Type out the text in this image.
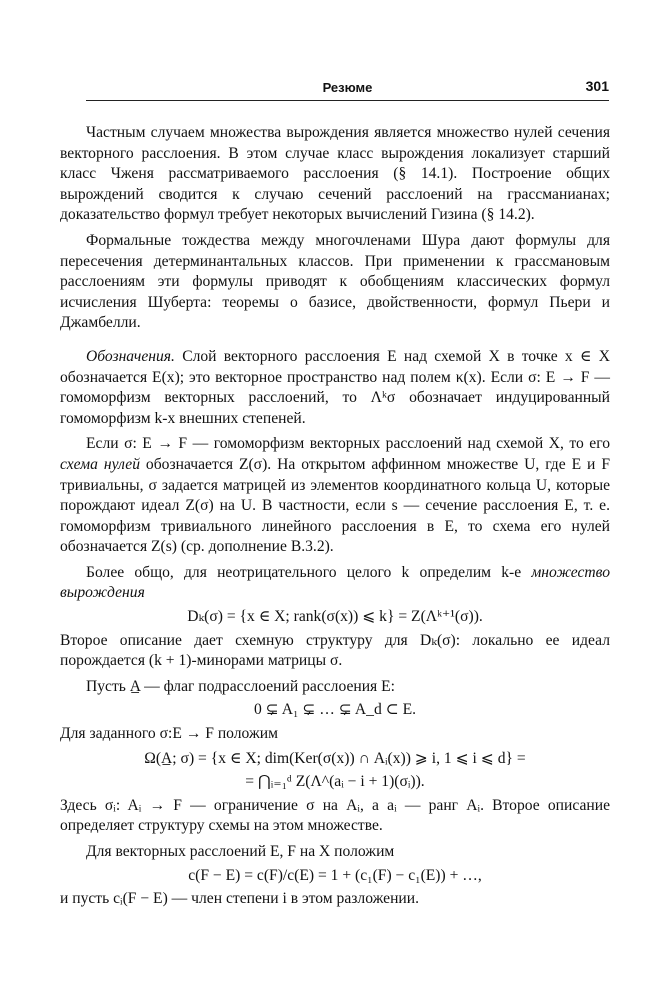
Резюме	301

Частным случаем множества вырождения является множество нулей сечения векторного расслоения. В этом случае класс вырождения локализует старший класс Чженя рассматриваемого расслоения (§ 14.1). Построение общих вырождений сводится к случаю сечений расслоений на грассманианах; доказательство формул требует некоторых вычислений Гизина (§ 14.2).

Формальные тождества между многочленами Шура дают формулы для пересечения детерминантальных классов. При применении к грассмановым расслоениям эти формулы приводят к обобщениям классических формул исчисления Шуберта: теоремы о базисе, двойственности, формул Пьери и Джамбелли.

Обозначения. Слой векторного расслоения E над схемой X в точке x ∈ X обозначается E(x); это векторное пространство над полем κ(x). Если σ: E → F — гомоморфизм векторных расслоений, то Λᵏσ обозначает индуцированный гомоморфизм k-х внешних степеней.

Если σ: E → F — гомоморфизм векторных расслоений над схемой X, то его схема нулей обозначается Z(σ). На открытом аффинном множестве U, где E и F тривиальны, σ задается матрицей из элементов координатного кольца U, которые порождают идеал Z(σ) на U. В частности, если s — сечение расслоения E, т. е. гомоморфизм тривиального линейного расслоения в E, то схема его нулей обозначается Z(s) (ср. дополнение B.3.2).

Более общо, для неотрицательного целого k определим k-е множество вырождения

Dₖ(σ) = {x ∈ X; rank(σ(x)) ⩽ k} = Z(Λᵏ⁺¹(σ)).

Второе описание дает схемную структуру для Dₖ(σ): локально ее идеал порождается (k + 1)-минорами матрицы σ.

Пусть A̲ — флаг подрасслоений расслоения E:

0 ⊊ A₁ ⊊ … ⊊ A_d ⊂ E.

Для заданного σ:E → F положим

Ω(A̲; σ) = {x ∈ X; dim(Ker(σ(x)) ∩ Aᵢ(x)) ⩾ i, 1 ⩽ i ⩽ d} =

= ⋂ᵢ₌₁ᵈ Z(Λ^(aᵢ − i + 1)(σᵢ)).

Здесь σᵢ: Aᵢ → F — ограничение σ на Aᵢ, а aᵢ — ранг Aᵢ. Второе описание определяет структуру схемы на этом множестве.

Для векторных расслоений E, F на X положим

c(F − E) = c(F)/c(E) = 1 + (c₁(F) − c₁(E)) + …,

и пусть cᵢ(F − E) — член степени i в этом разложении.
